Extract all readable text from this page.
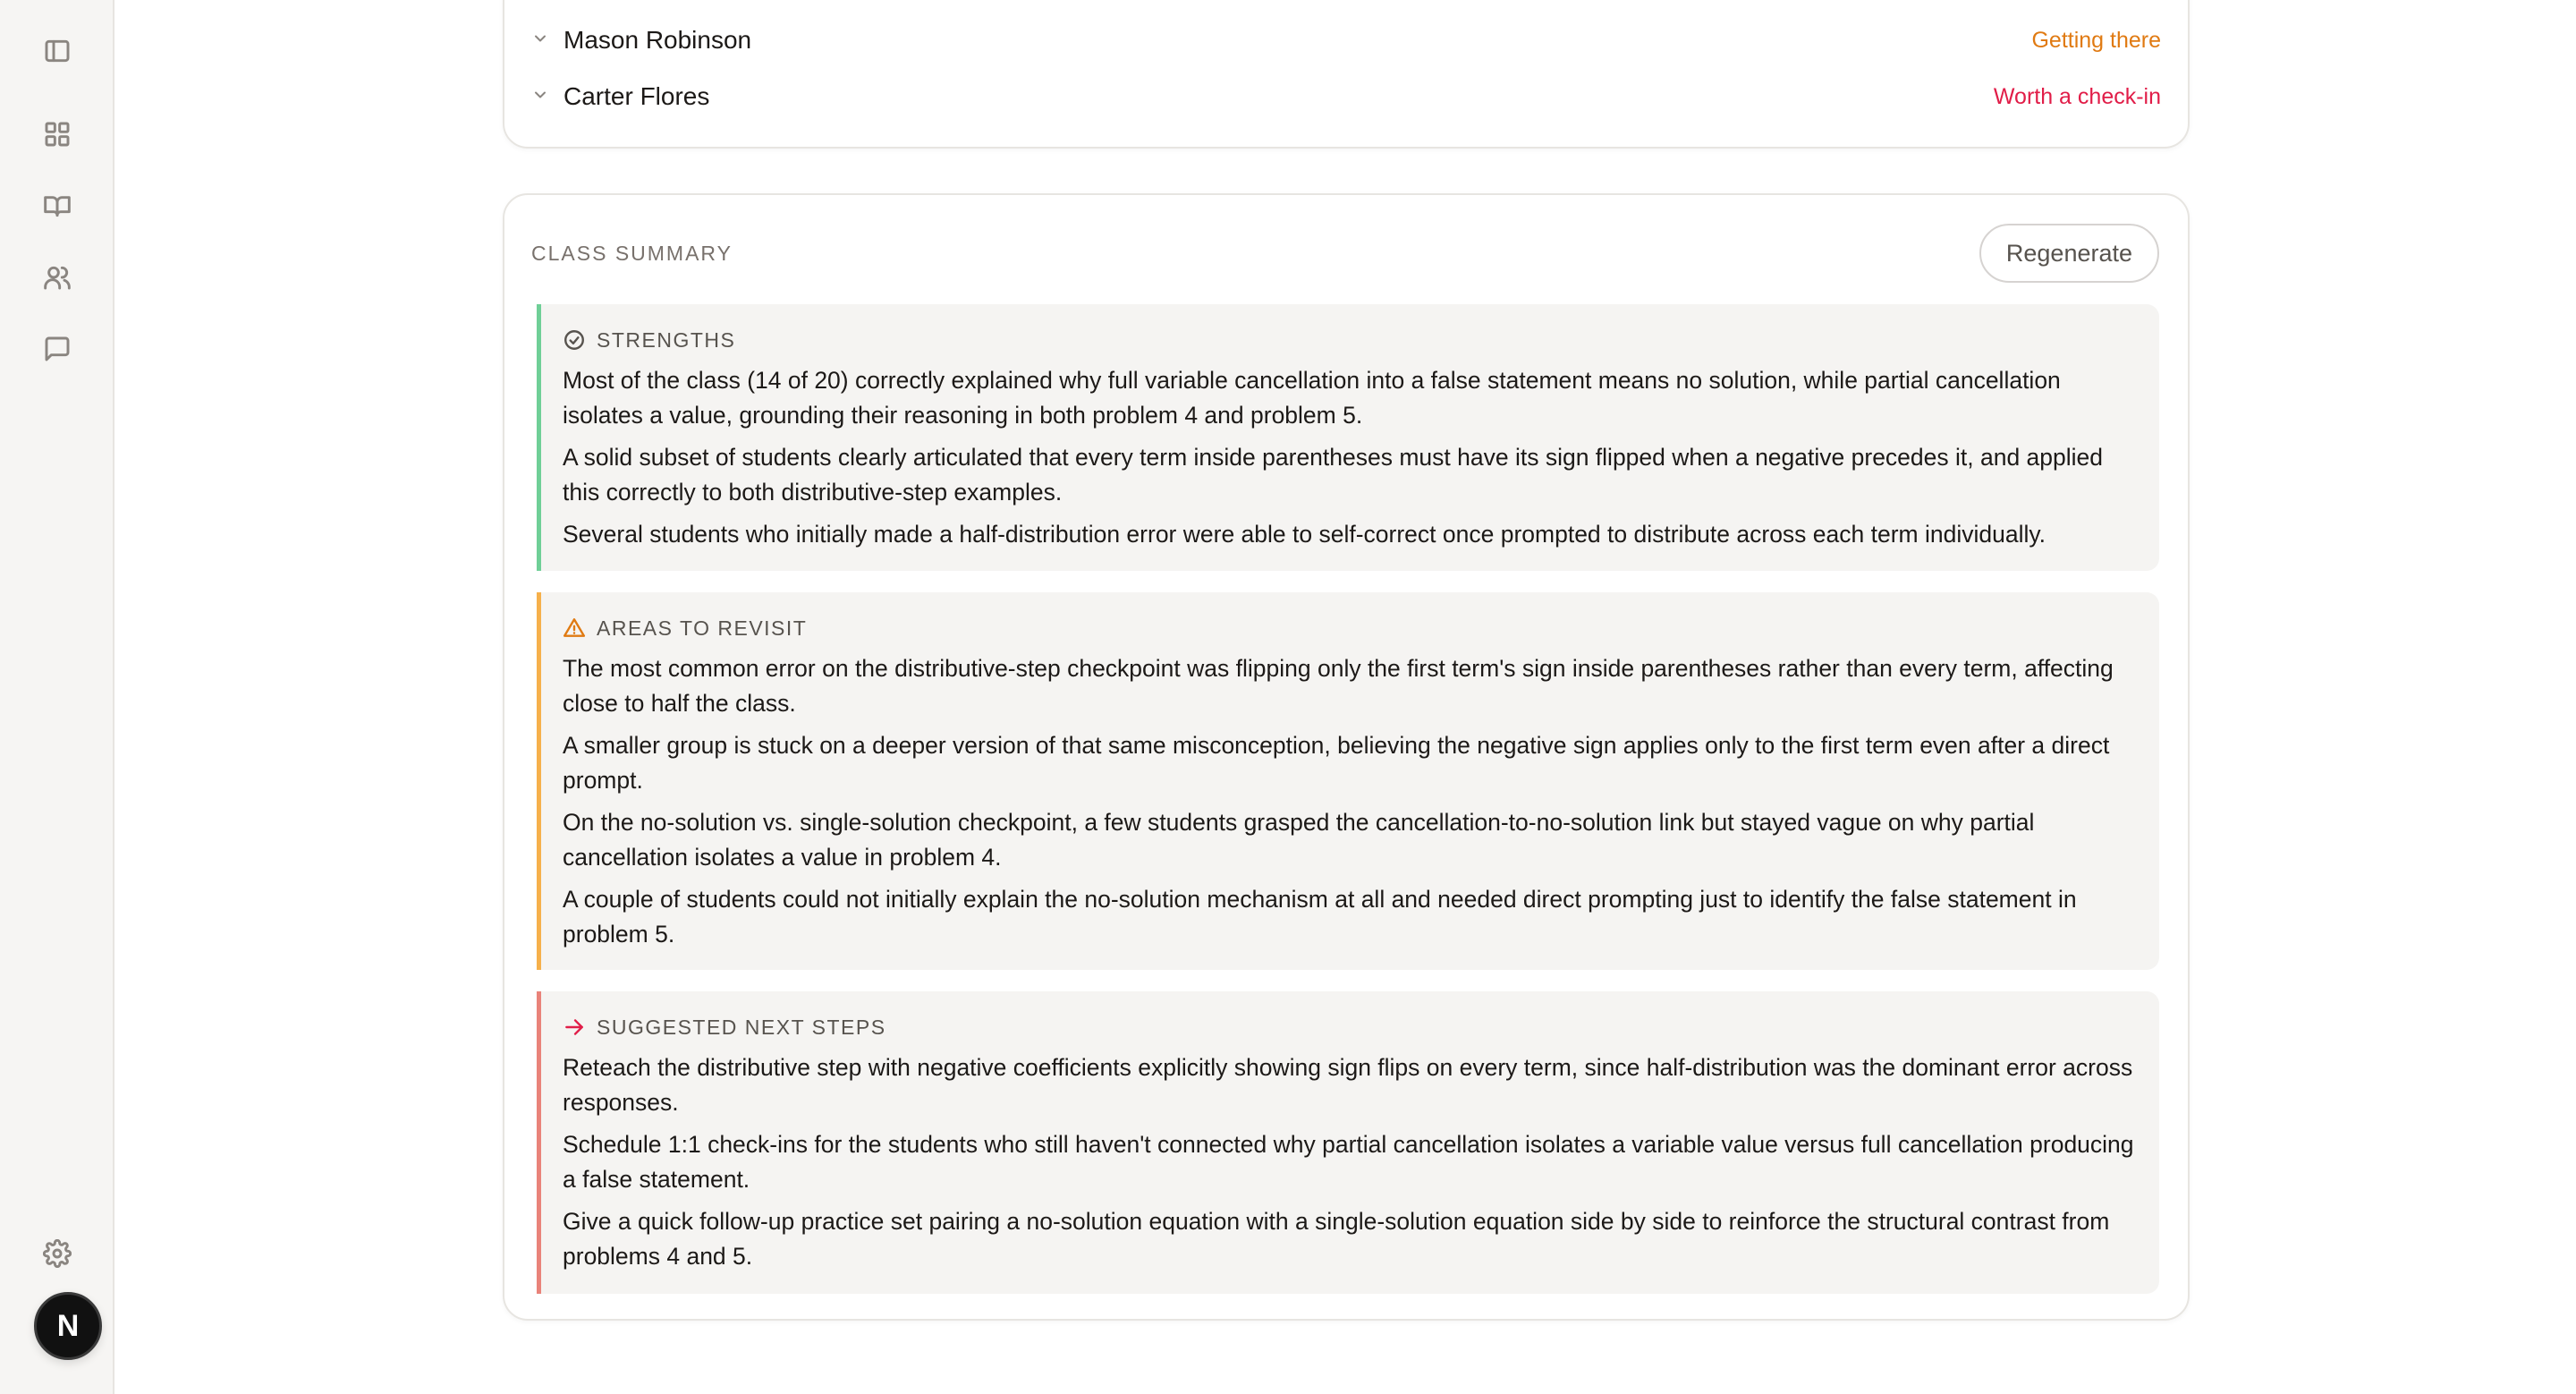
N
Mason Robinson	Getting there
Carter Flores	Worth a check-in
CLASS SUMMARY	Regenerate
STRENGTHS

Most of the class (14 of 20) correctly explained why full variable cancellation into a false statement means no solution, while partial cancellation isolates a value, grounding their reasoning in both problem 4 and problem 5.

A solid subset of students clearly articulated that every term inside parentheses must have its sign flipped when a negative precedes it, and applied this correctly to both distributive-step examples.

Several students who initially made a half-distribution error were able to self-correct once prompted to distribute across each term individually.

AREAS TO REVISIT

The most common error on the distributive-step checkpoint was flipping only the first term's sign inside parentheses rather than every term, affecting close to half the class.

A smaller group is stuck on a deeper version of that same misconception, believing the negative sign applies only to the first term even after a direct prompt.

On the no-solution vs. single-solution checkpoint, a few students grasped the cancellation-to-no-solution link but stayed vague on why partial cancellation isolates a value in problem 4.

A couple of students could not initially explain the no-solution mechanism at all and needed direct prompting just to identify the false statement in problem 5.

SUGGESTED NEXT STEPS

Reteach the distributive step with negative coefficients explicitly showing sign flips on every term, since half-distribution was the dominant error across responses.

Schedule 1:1 check-ins for the students who still haven't connected why partial cancellation isolates a variable value versus full cancellation producing a false statement.

Give a quick follow-up practice set pairing a no-solution equation with a single-solution equation side by side to reinforce the structural contrast from problems 4 and 5.
